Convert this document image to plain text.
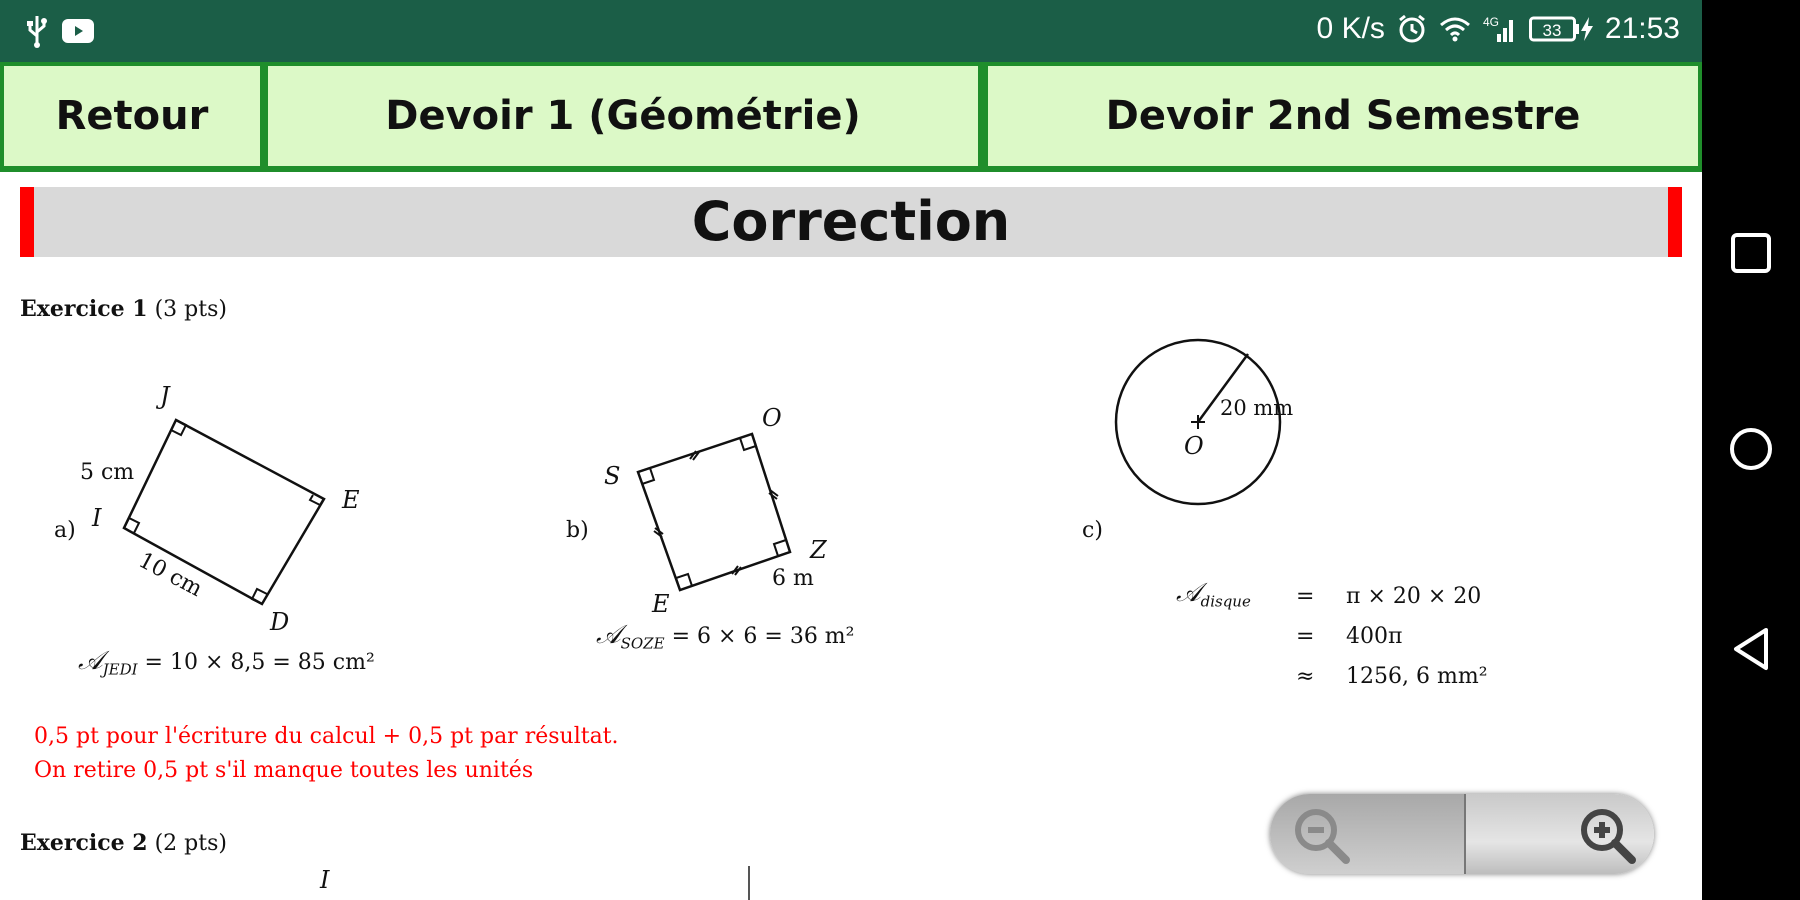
0 K/s	4G	33 21:53
Retour	Devoir 1 (Géométrie)	Devoir 2nd Semestre
Correction
Exercice 1 (3 pts)
a)
J
E
D
I
5 cm
10 cm
𝒜$_{JEDI}$ = 10 × 8,5 = 85 cm²
b)
S
O
Z
E
6 m
𝒜$_{SOZE}$ = 6 × 6 = 36 m²
c)
O
20 mm
𝒜$_{disque}$ = π × 20 × 20
= 400π
≈ 1256, 6 mm²
0,5 pt pour l'écriture du calcul + 0,5 pt par résultat.
On retire 0,5 pt s'il manque toutes les unités
Exercice 2 (2 pts)
I
